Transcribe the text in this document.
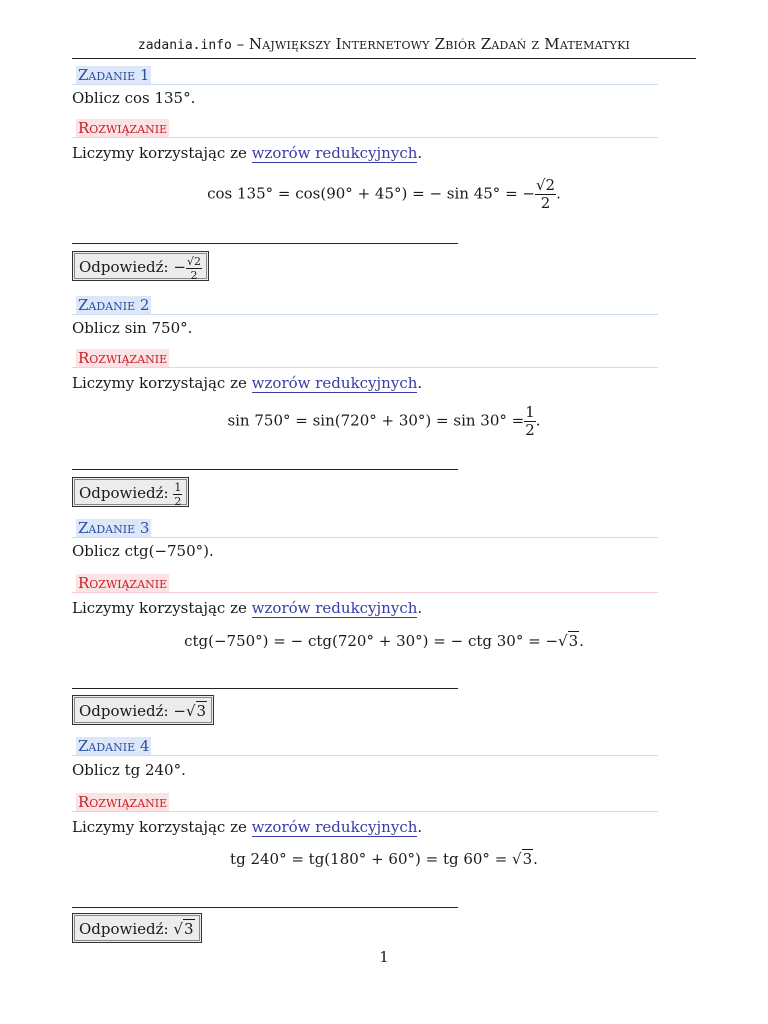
zadania.info – Największy Internetowy Zbiór Zadań z Matematyki
Zadanie 1
Oblicz cos 135°.
Rozwiązanie
Liczymy korzystając ze wzorów redukcyjnych.
cos 135° = cos(90° + 45°) = − sin 45° = − $\frac{√2}{2}$ .
Odpowiedź: − $\frac{√2}{2}$
Zadanie 2
Oblicz sin 750°.
Rozwiązanie
Liczymy korzystając ze wzorów redukcyjnych.
$\sin 750^\circ = \sin(720^\circ + 30^\circ) = \sin 30^\circ = \frac{1}{2}$ .
Odpowiedź: $\frac{1}{2}$
Zadanie 3
Oblicz ctg(−750°).
Rozwiązanie
Liczymy korzystając ze wzorów redukcyjnych.
ctg(−750°) = − ctg(720° + 30°) = − ctg 30° = −√3.
Odpowiedź: −√3
Zadanie 4
Oblicz tg 240°.
Rozwiązanie
Liczymy korzystając ze wzorów redukcyjnych.
tg 240° = tg(180° + 60°) = tg 60° = √3.
Odpowiedź: √3
1
